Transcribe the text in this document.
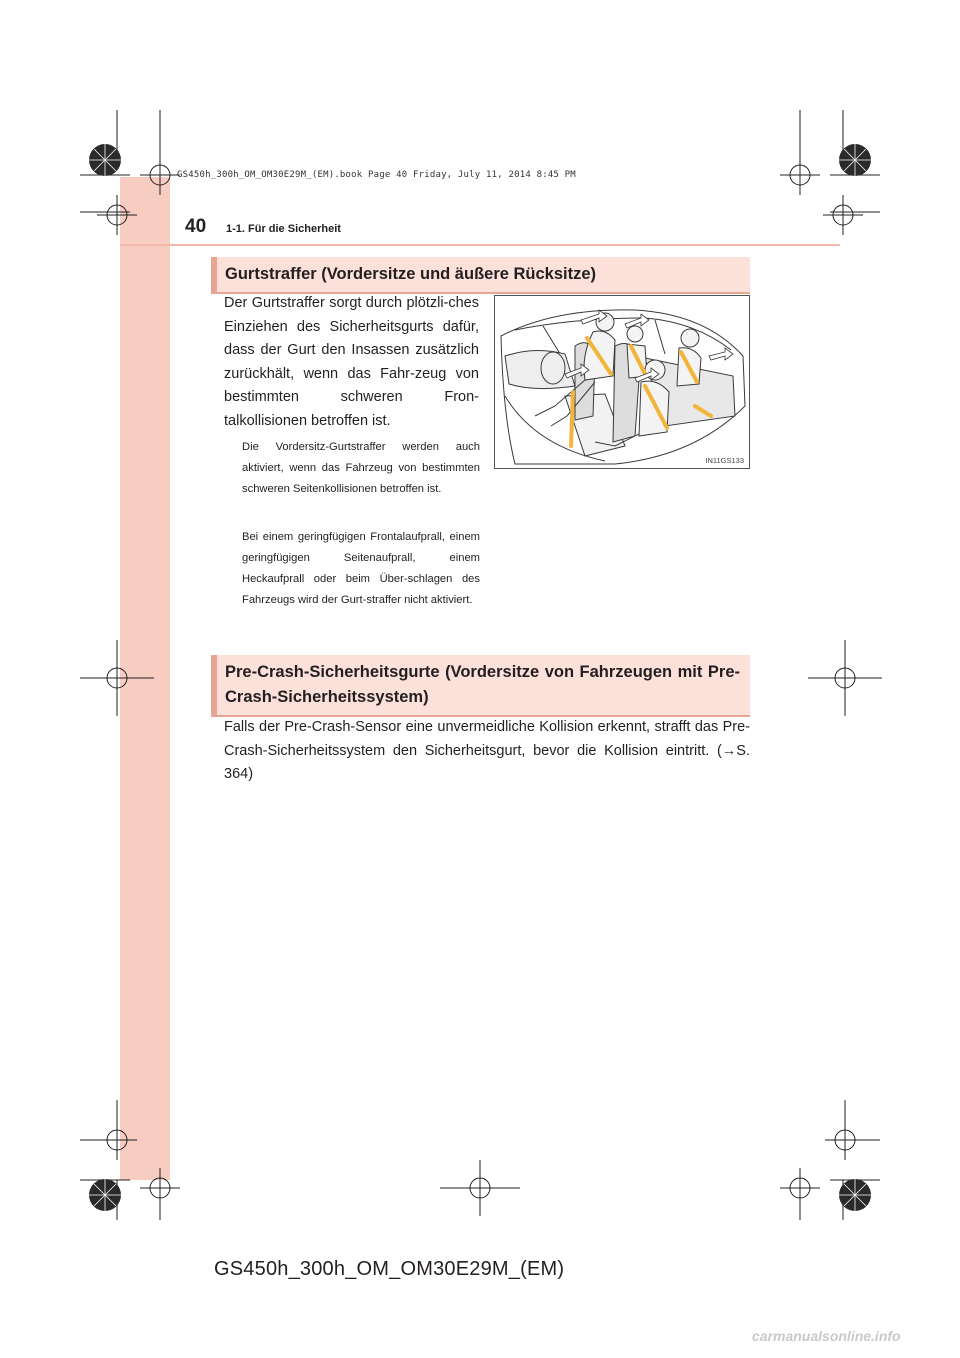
GS450h_300h_OM_OM30E29M_(EM).book Page 40 Friday, July 11, 2014 8:45 PM
40 1-1. Für die Sicherheit
Gurtstraffer (Vordersitze und äußere Rücksitze)

Der Gurtstraffer sorgt durch plötzli-ches Einziehen des Sicherheitsgurts dafür, dass der Gurt den Insassen zusätzlich zurückhält, wenn das Fahr-zeug von bestimmten schweren Fron-talkollisionen betroffen ist.

Die Vordersitz-Gurtstraffer werden auch aktiviert, wenn das Fahrzeug von bestimmten schweren Seitenkollisionen betroffen ist.

Bei einem geringfügigen Frontalaufprall, einem geringfügigen Seitenaufprall, einem Heckaufprall oder beim Über-schlagen des Fahrzeugs wird der Gurt-straffer nicht aktiviert.

IN11GS133
Pre-Crash-Sicherheitsgurte (Vordersitze von Fahrzeugen mit Pre-Crash-Sicherheitssystem)

Falls der Pre-Crash-Sensor eine unvermeidliche Kollision erkennt, strafft das Pre-Crash-Sicherheitssystem den Sicherheitsgurt, bevor die Kollision eintritt. (→S. 364)

GS450h_300h_OM_OM30E29M_(EM)
carmanualsonline.info
